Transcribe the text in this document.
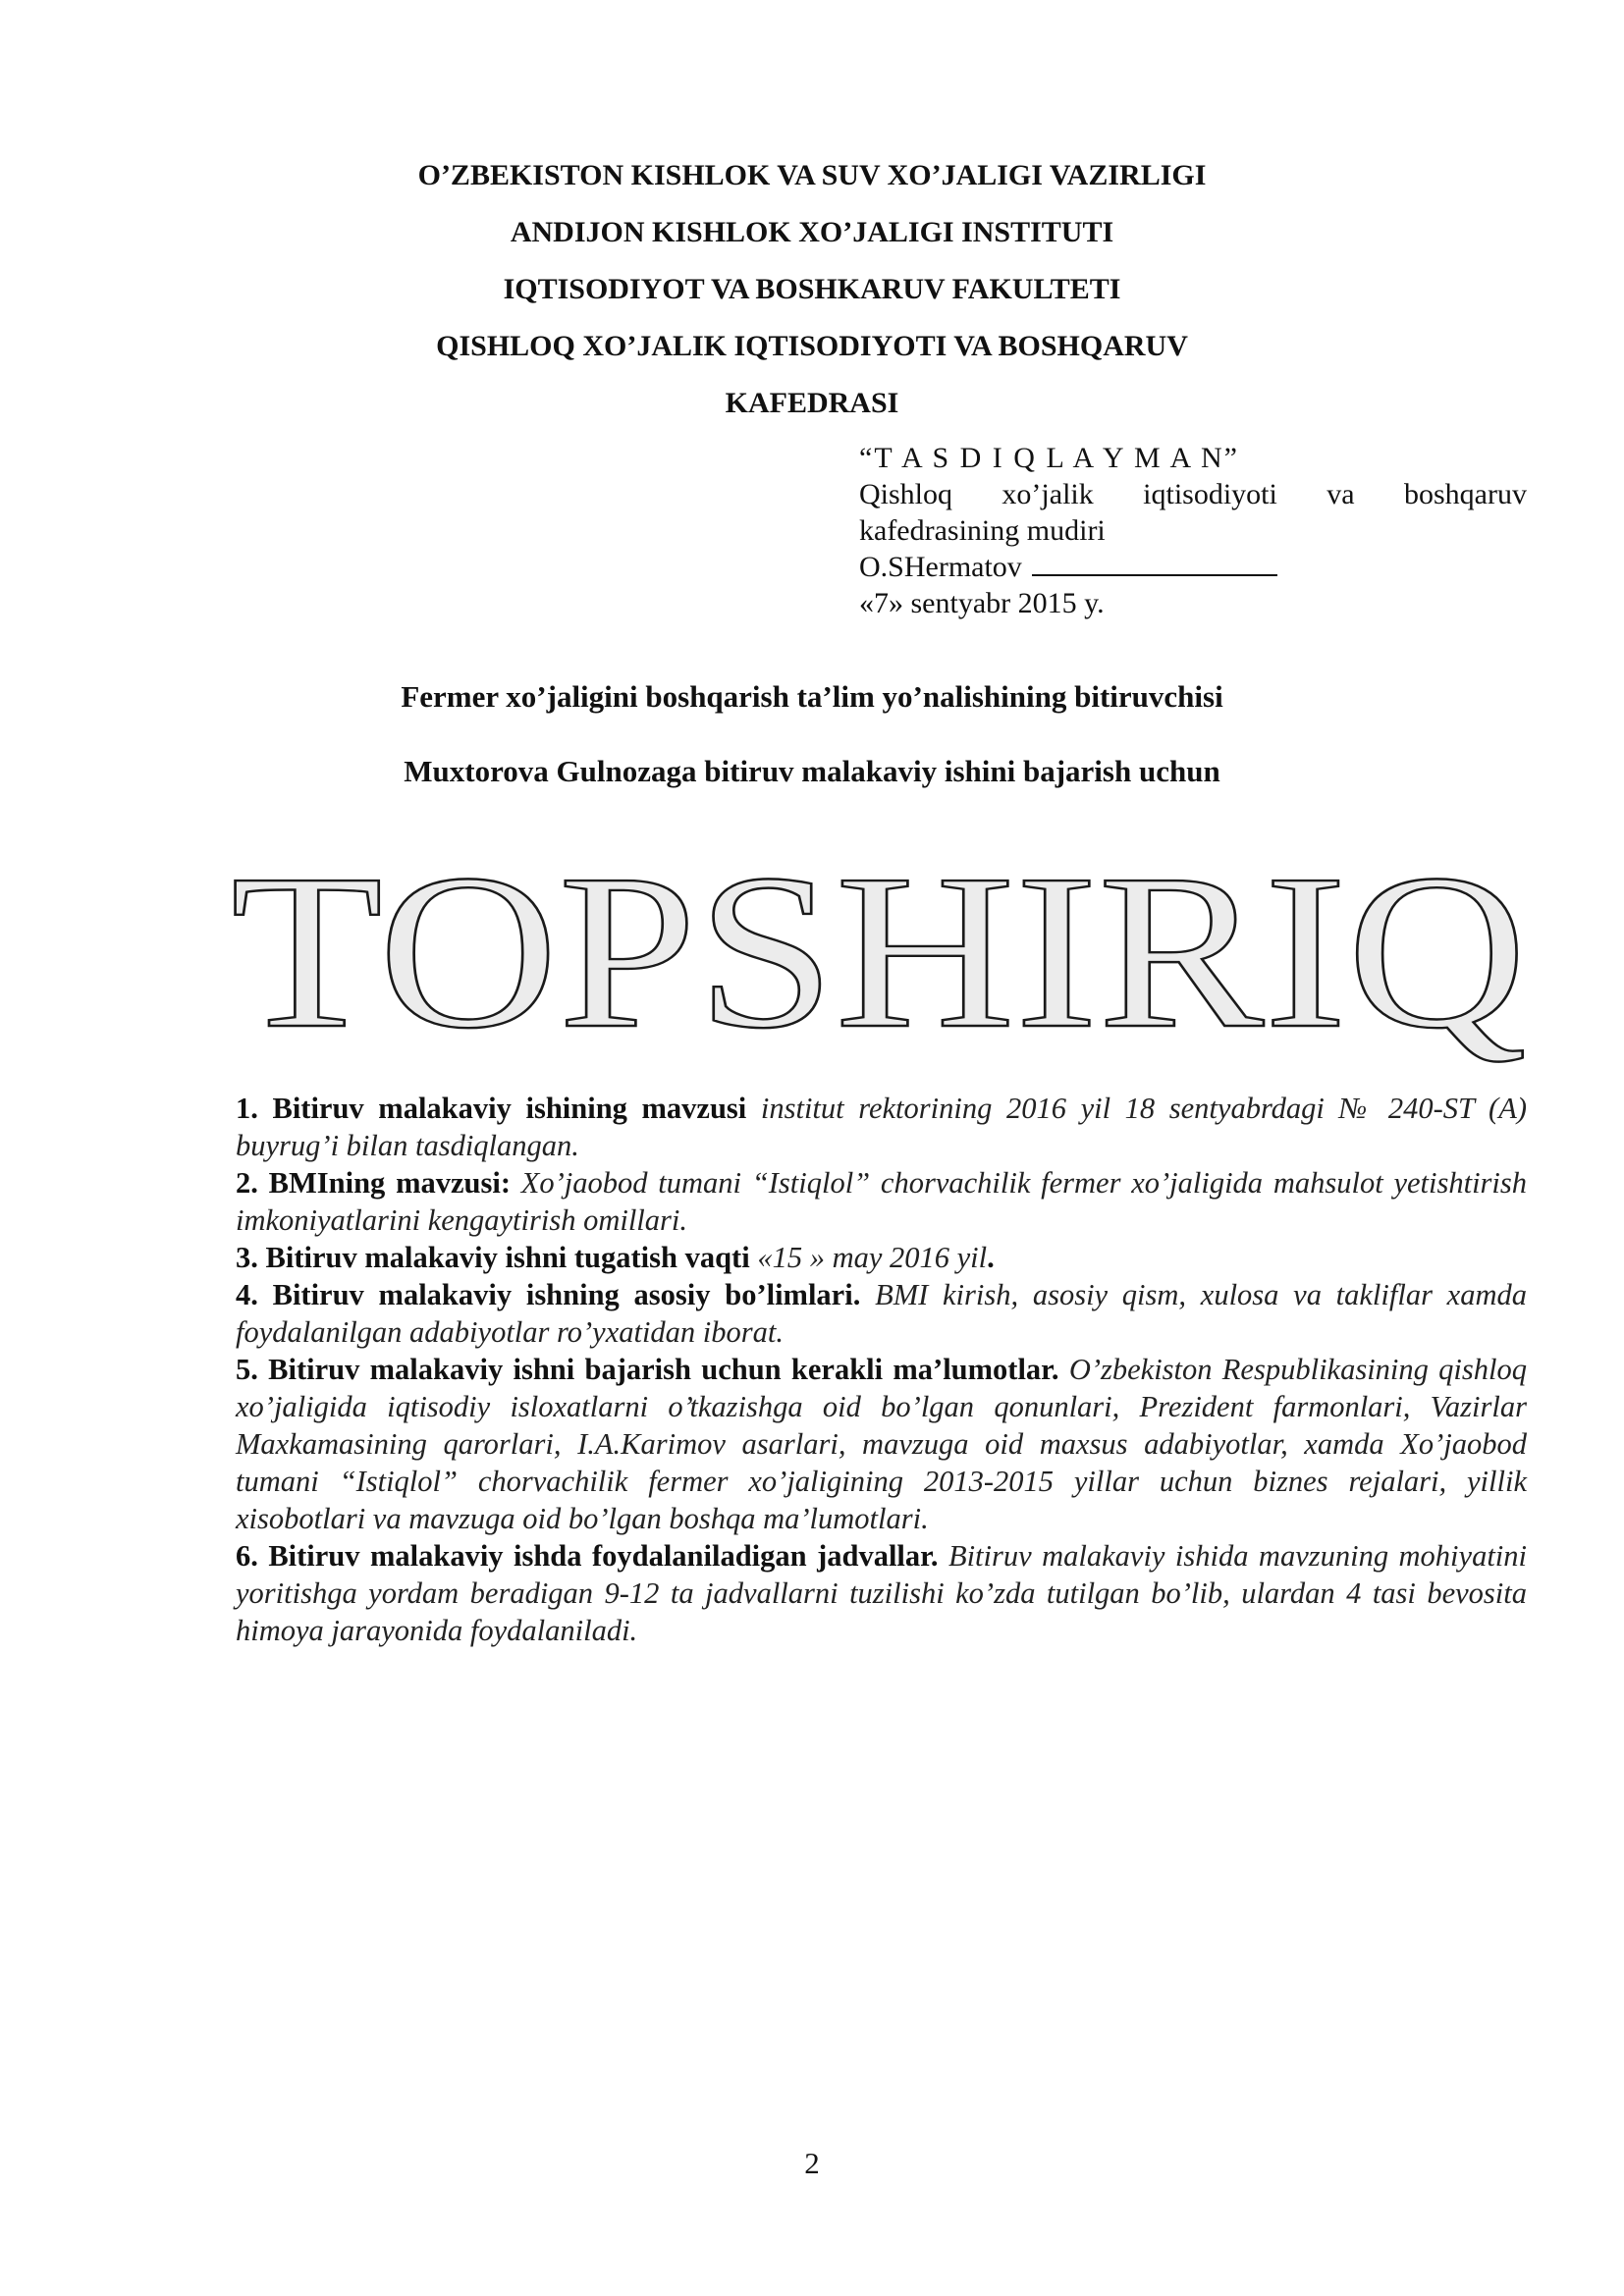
O’ZBEKISTON KISHLOK VA SUV XO’JALIGI VAZIRLIGI
ANDIJON KISHLOK XO’JALIGI INSTITUTI
IQTISODIYOT VA BOSHKARUV FAKULTETI
QISHLOQ XO’JALIK IQTISODIYOTI VA BOSHQARUV
KAFEDRASI
“T A S D I Q L A Y M A N”
Qishloq xo’jalik iqtisodiyoti va boshqaruv
kafedrasining mudiri
O.SHermatov
«7» sentyabr 2015 y.
Fermer xo’jaligini boshqarish ta’lim yo’nalishining bitiruvchisi
Muxtorova Gulnozaga bitiruv malakaviy ishini bajarish uchun
TOPSHIRIQ

1. Bitiruv malakaviy ishining mavzusi institut rektorining 2016 yil 18 sentyabrdagi № 240-ST (A) buyrug’i bilan tasdiqlangan.

2. BMIning mavzusi: Xo’jaobod tumani “Istiqlol” chorvachilik fermer xo’jaligida mahsulot yetishtirish imkoniyatlarini kengaytirish omillari.

3. Bitiruv malakaviy ishni tugatish vaqti «15 » may 2016 yil.

4. Bitiruv malakaviy ishning asosiy bo’limlari. BMI kirish, asosiy qism, xulosa va takliflar xamda foydalanilgan adabiyotlar ro’yxatidan iborat.

5. Bitiruv malakaviy ishni bajarish uchun kerakli ma’lumotlar. O’zbekiston Respublikasining qishloq xo’jaligida iqtisodiy isloxatlarni o’tkazishga oid bo’lgan qonunlari, Prezident farmonlari, Vazirlar Maxkamasining qarorlari, I.A.Karimov asarlari, mavzuga oid maxsus adabiyotlar, xamda Xo’jaobod tumani “Istiqlol” chorvachilik fermer xo’jaligining 2013-2015 yillar uchun biznes rejalari, yillik xisobotlari va mavzuga oid bo’lgan boshqa ma’lumotlari.

6. Bitiruv malakaviy ishda foydalaniladigan jadvallar. Bitiruv malakaviy ishida mavzuning mohiyatini yoritishga yordam beradigan 9-12 ta jadvallarni tuzilishi ko’zda tutilgan bo’lib, ulardan 4 tasi bevosita himoya jarayonida foydalaniladi.

2
